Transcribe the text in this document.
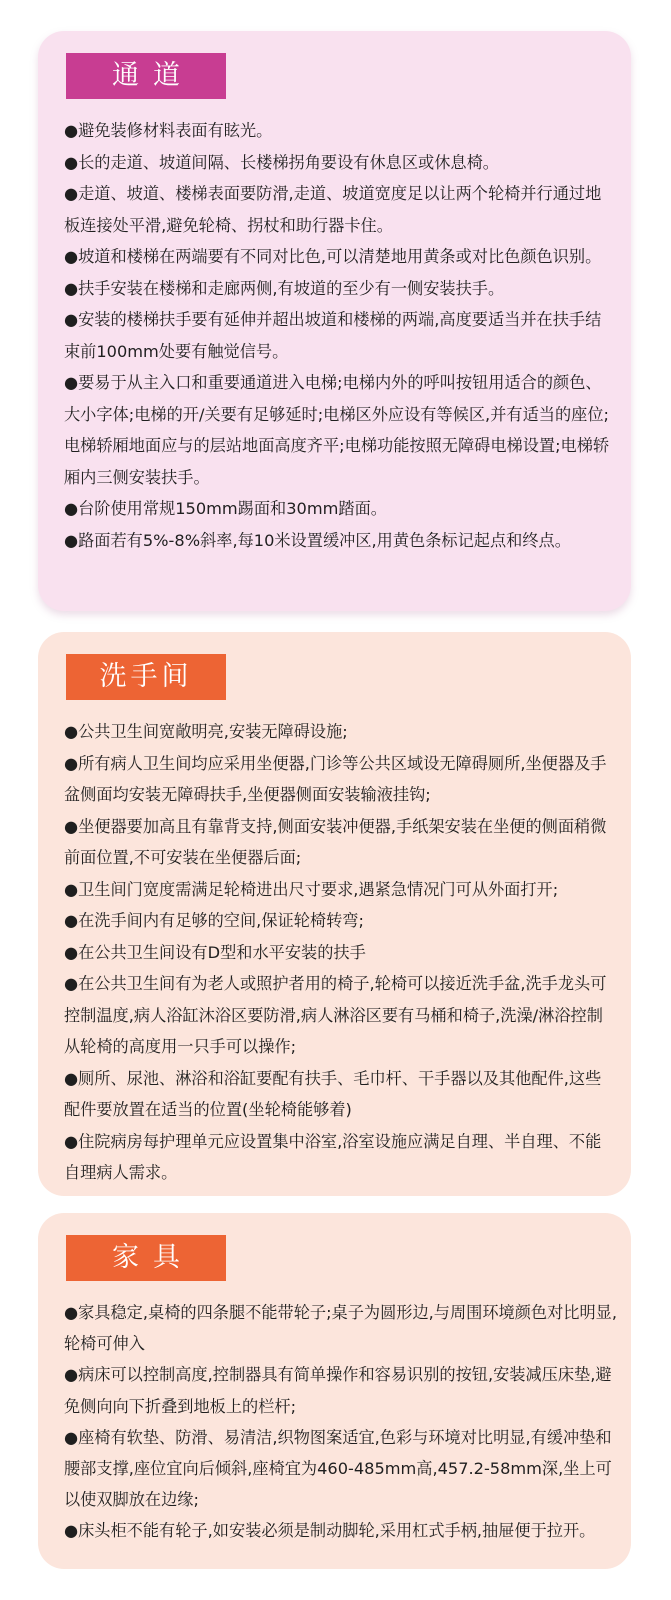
通道

●避免装修材料表面有眩光。

●长的走道、坡道间隔、长楼梯拐角要设有休息区或休息椅。

●走道、坡道、楼梯表面要防滑,走道、坡道宽度足以让两个轮椅并行通过地板连接处平滑,避免轮椅、拐杖和助行器卡住。

●坡道和楼梯在两端要有不同对比色,可以清楚地用黄条或对比色颜色识别。

●扶手安装在楼梯和走廊两侧,有坡道的至少有一侧安装扶手。

●安装的楼梯扶手要有延伸并超出坡道和楼梯的两端,高度要适当并在扶手结束前100mm处要有触觉信号。

●要易于从主入口和重要通道进入电梯;电梯内外的呼叫按钮用适合的颜色、大小字体;电梯的开/关要有足够延时;电梯区外应设有等候区,并有适当的座位;电梯轿厢地面应与的层站地面高度齐平;电梯功能按照无障碍电梯设置;电梯轿厢内三侧安装扶手。

●台阶使用常规150mm踢面和30mm踏面。

●路面若有5%-8%斜率,每10米设置缓冲区,用黄色条标记起点和终点。

洗手间

●公共卫生间宽敞明亮,安装无障碍设施;

●所有病人卫生间均应采用坐便器,门诊等公共区域设无障碍厕所,坐便器及手盆侧面均安装无障碍扶手,坐便器侧面安装输液挂钩;

●坐便器要加高且有靠背支持,侧面安装冲便器,手纸架安装在坐便的侧面稍微前面位置,不可安装在坐便器后面;

●卫生间门宽度需满足轮椅进出尺寸要求,遇紧急情况门可从外面打开;

●在洗手间内有足够的空间,保证轮椅转弯;

●在公共卫生间设有D型和水平安装的扶手

●在公共卫生间有为老人或照护者用的椅子,轮椅可以接近洗手盆,洗手龙头可控制温度,病人浴缸沐浴区要防滑,病人淋浴区要有马桶和椅子,洗澡/淋浴控制从轮椅的高度用一只手可以操作;

●厕所、尿池、淋浴和浴缸要配有扶手、毛巾杆、干手器以及其他配件,这些配件要放置在适当的位置(坐轮椅能够着)

●住院病房每护理单元应设置集中浴室,浴室设施应满足自理、半自理、不能自理病人需求。

家具

●家具稳定,桌椅的四条腿不能带轮子;桌子为圆形边,与周围环境颜色对比明显,轮椅可伸入

●病床可以控制高度,控制器具有简单操作和容易识别的按钮,安装减压床垫,避免侧向向下折叠到地板上的栏杆;

●座椅有软垫、防滑、易清洁,织物图案适宜,色彩与环境对比明显,有缓冲垫和腰部支撑,座位宜向后倾斜,座椅宜为460-485mm高,457.2-58mm深,坐上可以使双脚放在边缘;

●床头柜不能有轮子,如安装必须是制动脚轮,采用杠式手柄,抽屉便于拉开。
